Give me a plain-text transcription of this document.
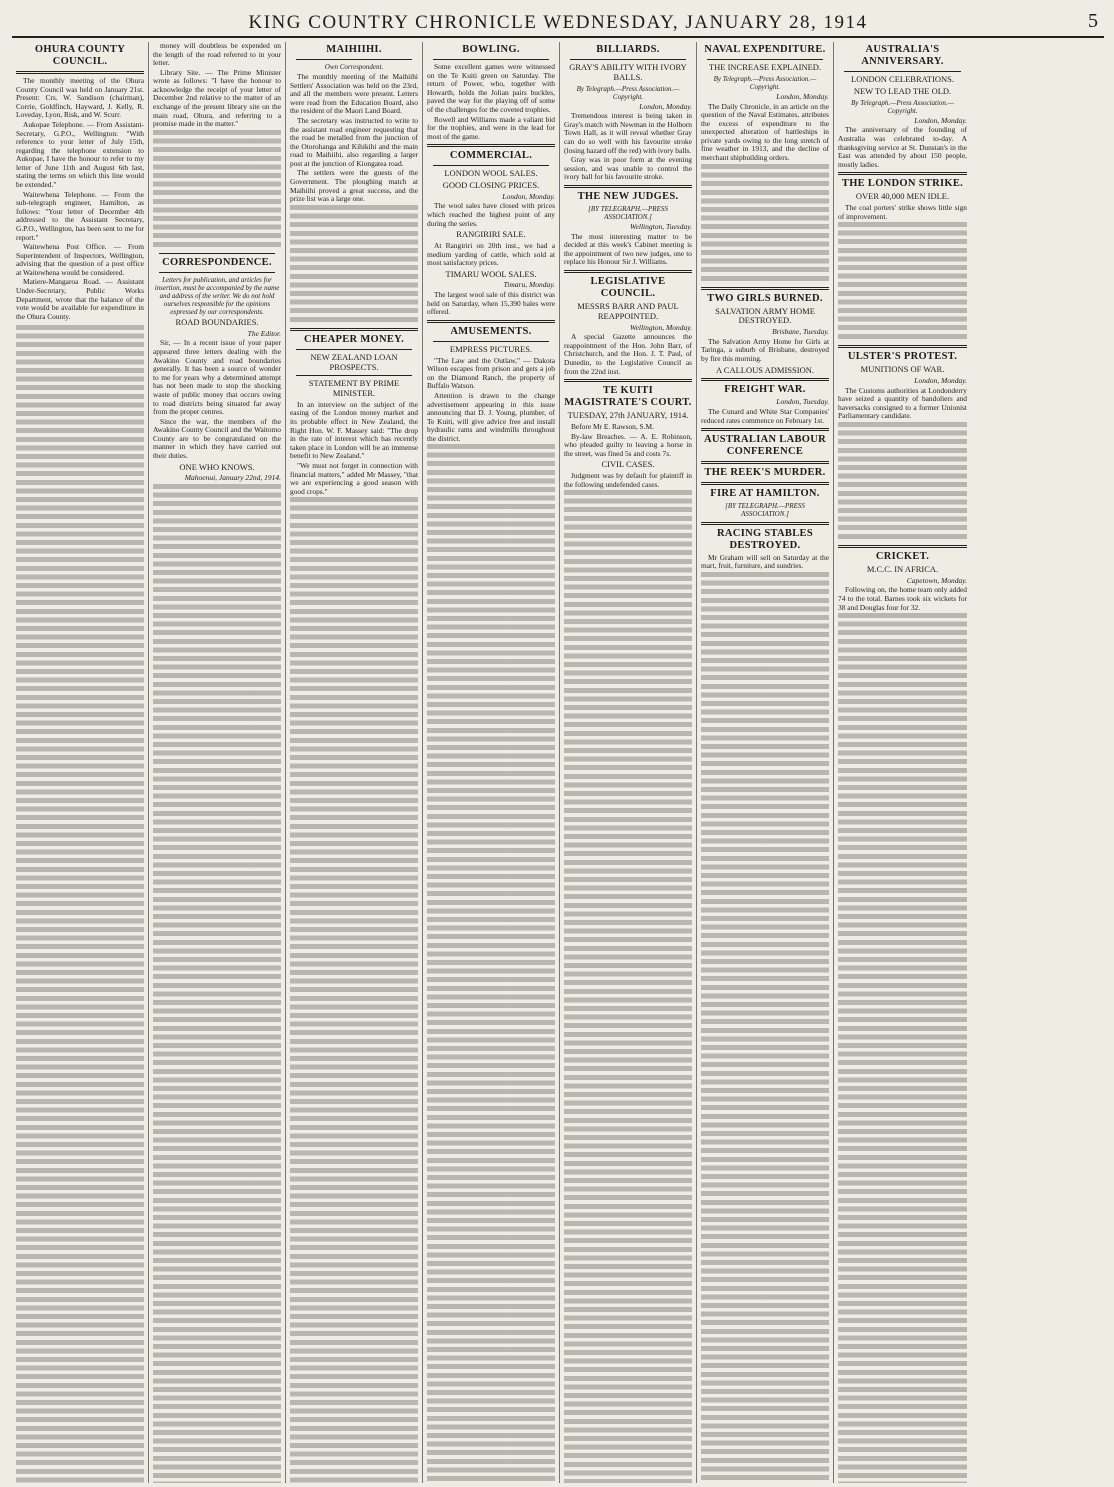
KING COUNTRY CHRONICLE WEDNESDAY, JANUARY 28, 1914	5
OHURA COUNTY COUNCIL.

The monthly meeting of the Ohura County Council was held on January 21st. Present: Crs. W. Sandison (chairman), Corrie, Goldfinch, Hayward, J. Kelly, R. Loveday, Lyon, Risk, and W. Scurr.

Aukopae Telephone. — From Assistant-Secretary, G.P.O., Wellington: "With reference to your letter of July 15th, regarding the telephone extension to Aukopae, I have the honour to refer to my letter of June 11th and August 6th last, stating the terms on which this line would be extended."

Waitewhena Telephone. — From the sub-telegraph engineer, Hamilton, as follows: "Your letter of December 4th addressed to the Assistant Secretary, G.P.O., Wellington, has been sent to me for report."

Waitewhena Post Office. — From Superintendent of Inspectors, Wellington, advising that the question of a post office at Waitewhena would be considered.

Matiere-Mangaroa Road. — Assistant Under-Secretary, Public Works Department, wrote that the balance of the vote would be available for expenditure in the Ohura County.

money will doubtless be expended on the length of the road referred to in your letter.

Library Site. — The Prime Minister wrote as follows: "I have the honour to acknowledge the receipt of your letter of December 2nd relative to the matter of an exchange of the present library site on the main road, Ohura, and referring to a promise made in the matter."

CORRESPONDENCE.
Letters for publication, and articles for insertion, must be accompanied by the name and address of the writer. We do not hold ourselves responsible for the opinions expressed by our correspondents.
ROAD BOUNDARIES.
The Editor.

Sir, — In a recent issue of your paper appeared three letters dealing with the Awakino County and road boundaries generally. It has been a source of wonder to me for years why a determined attempt has not been made to stop the shocking waste of public money that occurs owing to road districts being situated far away from the proper centres.

Since the war, the members of the Awakino County Council and the Waitomo County are to be congratulated on the manner in which they have carried out their duties.

ONE WHO KNOWS.
Mahoenui, January 22nd, 1914.
MAIHIIHI.
Own Correspondent.

The monthly meeting of the Maihiihi Settlers' Association was held on the 23rd, and all the members were present. Letters were read from the Education Board, also the resident of the Maori Land Board.

The secretary was instructed to write to the assistant road engineer requesting that the road be metalled from the junction of the Otorohanga and Kihikihi and the main road to Maihiihi, also regarding a larger post at the junction of Kiongatea road.

The settlers were the guests of the Government. The ploughing match at Maihiihi proved a great success, and the prize list was a large one.

CHEAPER MONEY.
NEW ZEALAND LOAN PROSPECTS.
STATEMENT BY PRIME MINISTER.

In an interview on the subject of the easing of the London money market and its probable effect in New Zealand, the Right Hon. W. F. Massey said: "The drop in the rate of interest which has recently taken place in London will be an immense benefit to New Zealand."

"We must not forget in connection with financial matters," added Mr Massey, "that we are experiencing a good season with good crops."

BOWLING.

Some excellent games were witnessed on the Te Kuiti green on Saturday. The return of Power, who, together with Howarth, holds the Jolian pairs buckles, paved the way for the playing off of some of the challenges for the coveted trophies.

Rowell and Williams made a valiant bid for the trophies, and were in the lead for most of the game.

COMMERCIAL.
LONDON WOOL SALES.
GOOD CLOSING PRICES.
London, Monday.

The wool sales have closed with prices which reached the highest point of any during the series.

RANGIRIRI SALE.

At Rangiriri on 20th inst., we had a medium yarding of cattle, which sold at most satisfactory prices.

TIMARU WOOL SALES.
Timaru, Monday.

The largest wool sale of this district was held on Saturday, when 15,390 bales were offered.

AMUSEMENTS.
EMPRESS PICTURES.

"The Law and the Outlaw," — Dakota Wilson escapes from prison and gets a job on the Diamond Ranch, the property of Buffalo Watson.

Attention is drawn to the change advertisement appearing in this issue announcing that D. J. Young, plumber, of Te Kuiti, will give advice free and install hydraulic rams and windmills throughout the district.

BILLIARDS.
GRAY'S ABILITY WITH IVORY BALLS.
By Telegraph.—Press Association.—Copyright.
London, Monday.

Tremendous interest is being taken in Gray's match with Newman in the Holborn Town Hall, as it will reveal whether Gray can do so well with his favourite stroke (losing hazard off the red) with ivory balls.

Gray was in poor form at the evening session, and was unable to control the ivory ball for his favourite stroke.

THE NEW JUDGES.
[BY TELEGRAPH.—PRESS ASSOCIATION.]
Wellington, Tuesday.

The most interesting matter to be decided at this week's Cabinet meeting is the appointment of two new judges, one to replace his Honour Sir J. Williams.

LEGISLATIVE COUNCIL.
MESSRS BARR AND PAUL REAPPOINTED.
Wellington, Monday.

A special Gazette announces the reappointment of the Hon. John Barr, of Christchurch, and the Hon. J. T. Paul, of Dunedin, to the Legislative Council as from the 22nd inst.

TE KUITI MAGISTRATE'S COURT.
TUESDAY, 27th JANUARY, 1914.

Before Mr E. Rawson, S.M.

By-law Breaches. — A. E. Robinson, who pleaded guilty to leaving a horse in the street, was fined 5s and costs 7s.

CIVIL CASES.

Judgment was by default for plaintiff in the following undefended cases.

NAVAL EXPENDITURE.
THE INCREASE EXPLAINED.
By Telegraph.—Press Association.—Copyright.
London, Monday.

The Daily Chronicle, in an article on the question of the Naval Estimates, attributes the excess of expenditure to the unexpected alteration of battleships in private yards owing to the long stretch of fine weather in 1913, and the decline of merchant shipbuilding orders.

TWO GIRLS BURNED.
SALVATION ARMY HOME DESTROYED.
Brisbane, Tuesday.

The Salvation Army Home for Girls at Taringa, a suburb of Brisbane, destroyed by fire this morning.

A CALLOUS ADMISSION.
FREIGHT WAR.
London, Tuesday.

The Cunard and White Star Companies' reduced rates commence on February 1st.

AUSTRALIAN LABOUR CONFERENCE
THE REEK'S MURDER.
FIRE AT HAMILTON.
[BY TELEGRAPH.—PRESS ASSOCIATION.]
RACING STABLES DESTROYED.

Mr Graham will sell on Saturday at the mart, fruit, furniture, and sundries.

AUSTRALIA'S ANNIVERSARY.
LONDON CELEBRATIONS.
NEW TO LEAD THE OLD.
By Telegraph.—Press Association.—Copyright.
London, Monday.

The anniversary of the founding of Australia was celebrated to-day. A thanksgiving service at St. Dunstan's in the East was attended by about 150 people, mostly ladies.

THE LONDON STRIKE.
OVER 40,000 MEN IDLE.

The coal porters' strike shows little sign of improvement.

ULSTER'S PROTEST.
MUNITIONS OF WAR.
London, Monday.

The Customs authorities at Londonderry have seized a quantity of bandoliers and haversacks consigned to a former Unionist Parliamentary candidate.

CRICKET.
M.C.C. IN AFRICA.
Capetown, Monday.

Following on, the home team only added 74 to the total. Barnes took six wickets for 38 and Douglas four for 32.
